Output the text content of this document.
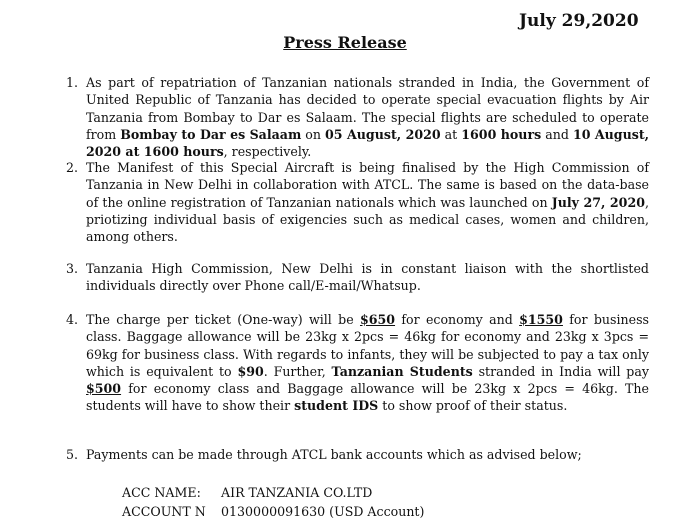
July 29,2020
Press Release
1. As part of repatriation of Tanzanian nationals stranded in India, the Government of United Republic of Tanzania has decided to operate special evacuation flights by Air Tanzania from Bombay to Dar es Salaam. The special flights are scheduled to operate from Bombay to Dar es Salaam on 05 August, 2020 at 1600 hours and 10 August, 2020 at 1600 hours, respectively.
2. The Manifest of this Special Aircraft is being finalised by the High Commission of Tanzania in New Delhi in collaboration with ATCL. The same is based on the data-base of the online registration of Tanzanian nationals which was launched on July 27, 2020, priotizing individual basis of exigencies such as medical cases, women and children, among others.
3. Tanzania High Commission, New Delhi is in constant liaison with the shortlisted individuals directly over Phone call/E-mail/Whatsup.
4. The charge per ticket (One-way) will be $650 for economy and $1550 for business class. Baggage allowance will be 23kg x 2pcs = 46kg for economy and 23kg x 3pcs = 69kg for business class. With regards to infants, they will be subjected to pay a tax only which is equivalent to $90. Further, Tanzanian Students stranded in India will pay $500 for economy class and Baggage allowance will be 23kg x 2pcs = 46kg. The students will have to show their student IDS to show proof of their status.
5. Payments can be made through ATCL bank accounts which as advised below;
ACC NAME: AIR TANZANIA CO.LTD
ACCOUNT N 0130000091630 (USD Account)
